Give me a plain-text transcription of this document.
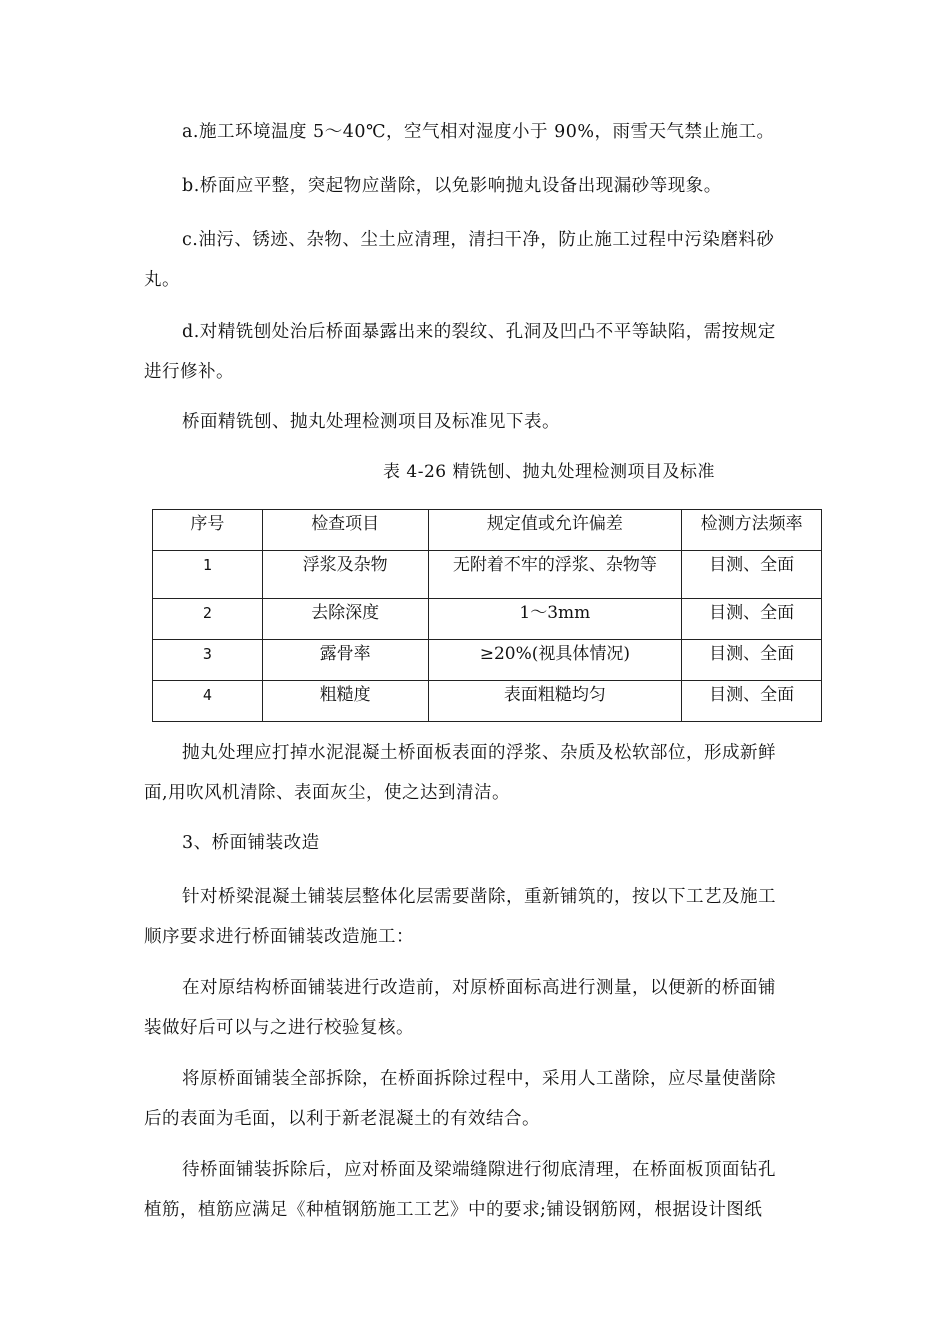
a.施工环境温度 5～40℃，空气相对湿度小于 90%，雨雪天气禁止施工。

b.桥面应平整，突起物应凿除，以免影响抛丸设备出现漏砂等现象。

c.油污、锈迹、杂物、尘土应清理，清扫干净，防止施工过程中污染磨料砂
丸。
d.对精铣刨处治后桥面暴露出来的裂纹、孔洞及凹凸不平等缺陷，需按规定
进行修补。

桥面精铣刨、抛丸处理检测项目及标准见下表。

表 4-26 精铣刨、抛丸处理检测项目及标准
序号	检查项目	规定值或允许偏差	检测方法频率
1	浮浆及杂物	无附着不牢的浮浆、杂物等	目测、全面
2	去除深度	1～3mm	目测、全面
3	露骨率	≥20%(视具体情况)	目测、全面
4	粗糙度	表面粗糙均匀	目测、全面
抛丸处理应打掉水泥混凝土桥面板表面的浮浆、杂质及松软部位，形成新鲜
面,用吹风机清除、表面灰尘，使之达到清洁。

3、桥面铺装改造

针对桥梁混凝土铺装层整体化层需要凿除，重新铺筑的，按以下工艺及施工
顺序要求进行桥面铺装改造施工：
在对原结构桥面铺装进行改造前，对原桥面标高进行测量，以便新的桥面铺
装做好后可以与之进行校验复核。
将原桥面铺装全部拆除，在桥面拆除过程中，采用人工凿除，应尽量使凿除
后的表面为毛面，以利于新老混凝土的有效结合。
待桥面铺装拆除后，应对桥面及梁端缝隙进行彻底清理，在桥面板顶面钻孔
植筋，植筋应满足《种植钢筋施工工艺》中的要求;铺设钢筋网，根据设计图纸
